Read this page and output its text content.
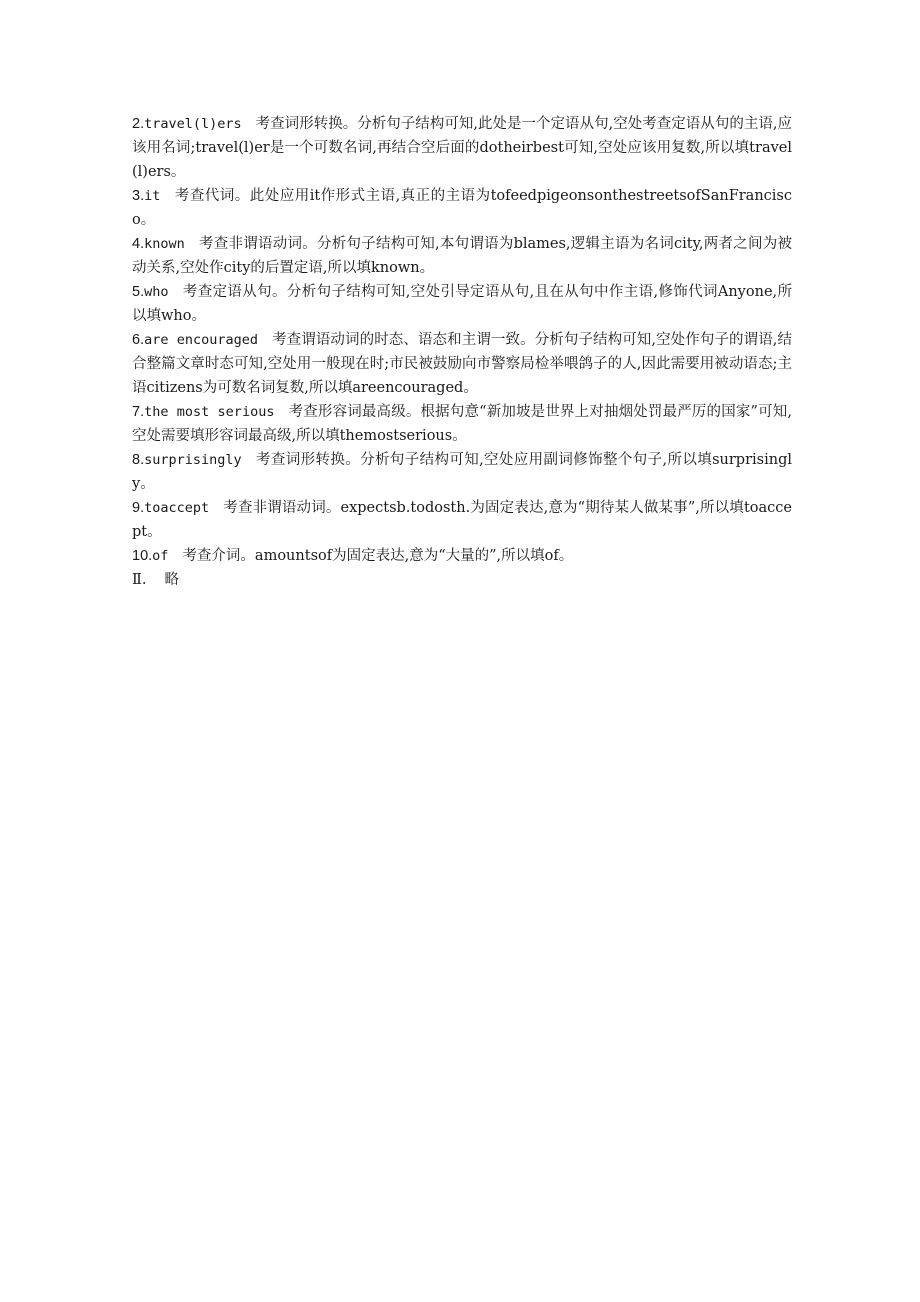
2.travel(l)ers 考查词形转换。分析句子结构可知,此处是一个定语从句,空处考查定语从句的主语,应该用名词;travel(l)er是一个可数名词,再结合空后面的dotheirbest可知,空处应该用复数,所以填travel(l)ers。

3.it 考查代词。此处应用it作形式主语,真正的主语为tofeedpigeonsonthestreetsofSanFrancisco。

4.known 考查非谓语动词。分析句子结构可知,本句谓语为blames,逻辑主语为名词city,两者之间为被动关系,空处作city的后置定语,所以填known。

5.who 考查定语从句。分析句子结构可知,空处引导定语从句,且在从句中作主语,修饰代词Anyone,所以填who。

6.are encouraged 考查谓语动词的时态、语态和主谓一致。分析句子结构可知,空处作句子的谓语,结合整篇文章时态可知,空处用一般现在时;市民被鼓励向市警察局检举喂鸽子的人,因此需要用被动语态;主语citizens为可数名词复数,所以填areencouraged。

7.the most serious 考查形容词最高级。根据句意“新加坡是世界上对抽烟处罚最严厉的国家”可知,空处需要填形容词最高级,所以填themostserious。

8.surprisingly 考查词形转换。分析句子结构可知,空处应用副词修饰整个句子,所以填surprisingly。

9.toaccept 考查非谓语动词。expectsb.todosth.为固定表达,意为“期待某人做某事”,所以填toaccept。

10.of 考查介词。amountsof为固定表达,意为“大量的”,所以填of。

Ⅱ. 略
